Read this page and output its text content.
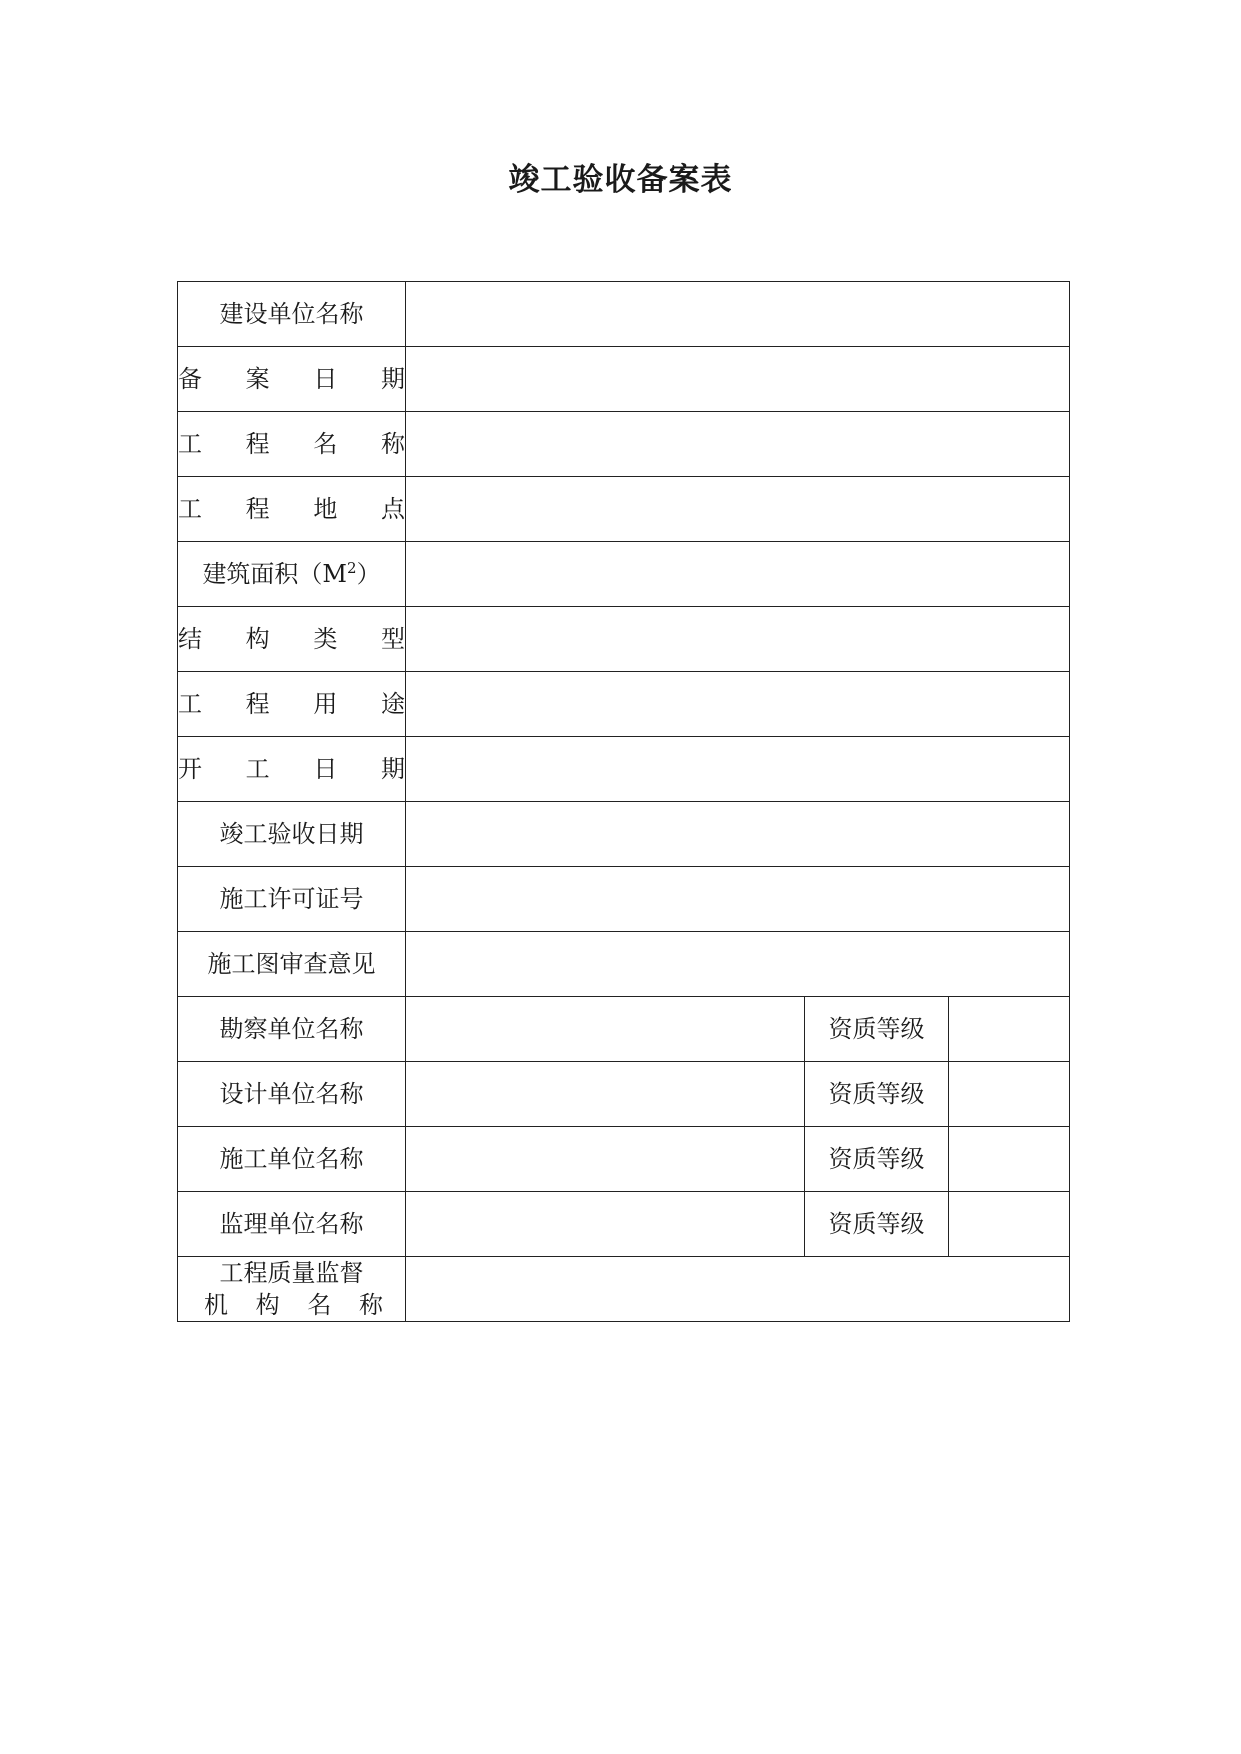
竣工验收备案表
建设单位名称			
备 案 日 期			
工 程 名 称			
工 程 地 点			
建筑面积$(M^2)$			
结 构 类 型			
工 程 用 途			
开 工 日 期			
竣工验收日期			
施工许可证号			
施工图审查意见			
勘察单位名称		资质等级	
设计单位名称		资质等级	
施工单位名称		资质等级	
监理单位名称		资质等级	

工程质量监督
机 构 名 称			
